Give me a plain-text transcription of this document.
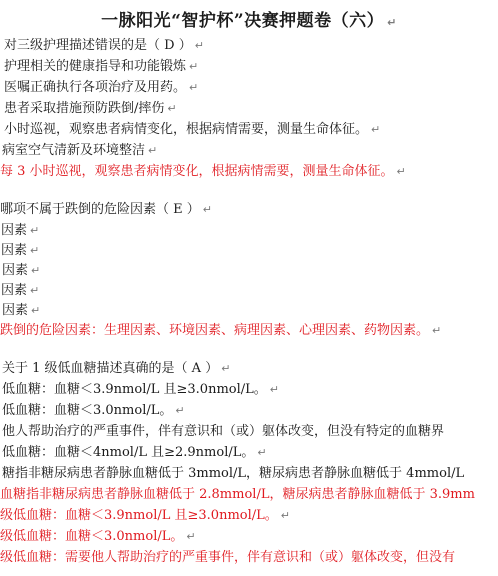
一脉阳光“智护杯”决赛押题卷（六） ↵
对三级护理描述错误的是（ D ） ↵
护理相关的健康指导和功能锻炼 ↵
医嘱正确执行各项治疗及用药。 ↵
患者采取措施预防跌倒/摔伤 ↵
小时巡视，观察患者病情变化，根据病情需要，测量生命体征。 ↵
病室空气清新及环境整洁 ↵
每 3 小时巡视，观察患者病情变化，根据病情需要，测量生命体征。 ↵
哪项不属于跌倒的危险因素（ E ） ↵
因素 ↵
因素 ↵
因素 ↵
因素 ↵
因素 ↵
跌倒的危险因素：生理因素、环境因素、病理因素、心理因素、药物因素。 ↵
关于 1 级低血糖描述真确的是（ A ） ↵
低血糖：血糖＜3.9nmol/L 且≥3.0nmol/L。 ↵
低血糖：血糖＜3.0nmol/L。 ↵
他人帮助治疗的严重事件，伴有意识和（或）躯体改变，但没有特定的血糖界
低血糖：血糖＜4nmol/L 且≥2.9nmol/L。 ↵
糖指非糖尿病患者静脉血糖低于 3mmol/L，糖尿病患者静脉血糖低于 4mmol/L
血糖指非糖尿病患者静脉血糖低于 2.8mmol/L，糖尿病患者静脉血糖低于 3.9mm
级低血糖：血糖＜3.9nmol/L 且≥3.0nmol/L。 ↵
级低血糖：血糖＜3.0nmol/L。 ↵
级低血糖：需要他人帮助治疗的严重事件，伴有意识和（或）躯体改变，但没有
